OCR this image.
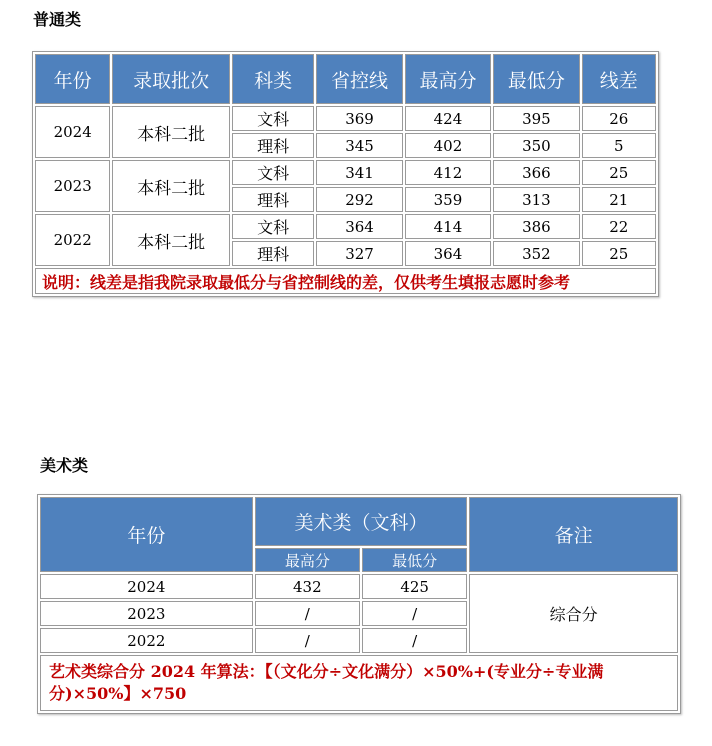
普通类
年份	录取批次	科类	省控线	最高分	最低分	线差
2024	本科二批	文科	369	424	395	26
		理科	345	402	350	5
2023	本科二批	文科	341	412	366	25
		理科	292	359	313	21
2022	本科二批	文科	364	414	386	22
		理科	327	364	352	25
说明：线差是指我院录取最低分与省控制线的差，仅供考生填报志愿时参考						
美术类
年份	美术类（文科）		备注
	最高分	最低分	
2024	432	425	综合分
2023	/	/	
2022	/	/	
艺术类综合分 2024 年算法：【（文化分÷文化满分）×50%+(专业分÷专业满分)×50%】×750			
